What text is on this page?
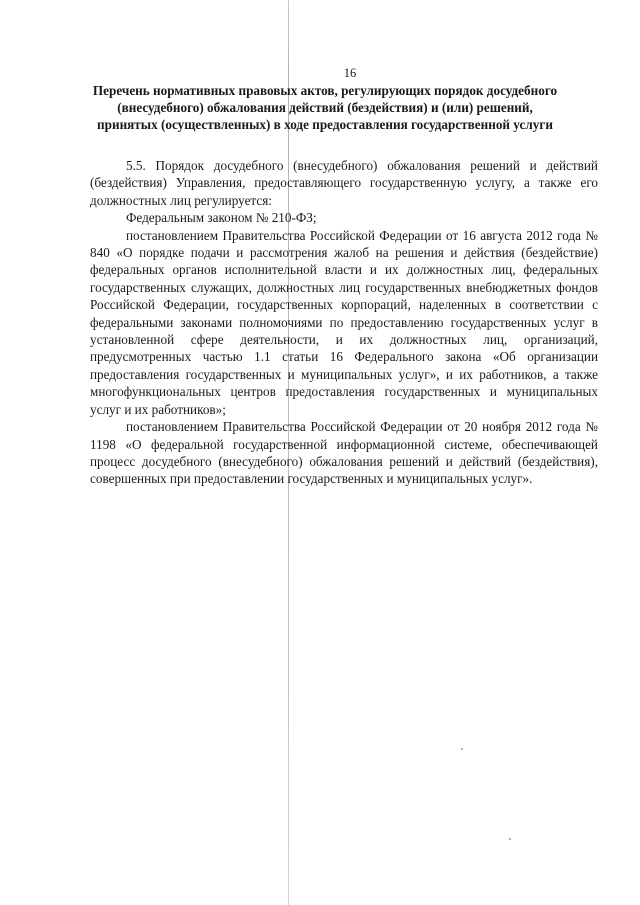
16
Перечень нормативных правовых актов, регулирующих порядок досудебного (внесудебного) обжалования действий (бездействия) и (или) решений, принятых (осуществленных) в ходе предоставления государственной услуги

5.5. Порядок досудебного (внесудебного) обжалования решений и действий (бездействия) Управления, предоставляющего государственную услугу, а также его должностных лиц регулируется:

Федеральным законом № 210-ФЗ;

постановлением Правительства Российской Федерации от 16 августа 2012 года № 840 «О порядке подачи и рассмотрения жалоб на решения и действия (бездействие) федеральных органов исполнительной власти и их должностных лиц, федеральных государственных служащих, должностных лиц государственных внебюджетных фондов Российской Федерации, государственных корпораций, наделенных в соответствии с федеральными законами полномочиями по предоставлению государственных услуг в установленной сфере деятельности, и их должностных лиц, организаций, предусмотренных частью 1.1 статьи 16 Федерального закона «Об организации предоставления государственных и муниципальных услуг», и их работников, а также многофункциональных центров предоставления государственных и муниципальных услуг и их работников»;

постановлением Правительства Российской Федерации от 20 ноября 2012 года № 1198 «О федеральной государственной информационной системе, обеспечивающей процесс досудебного (внесудебного) обжалования решений и действий (бездействия), совершенных при предоставлении государственных и муниципальных услуг».
